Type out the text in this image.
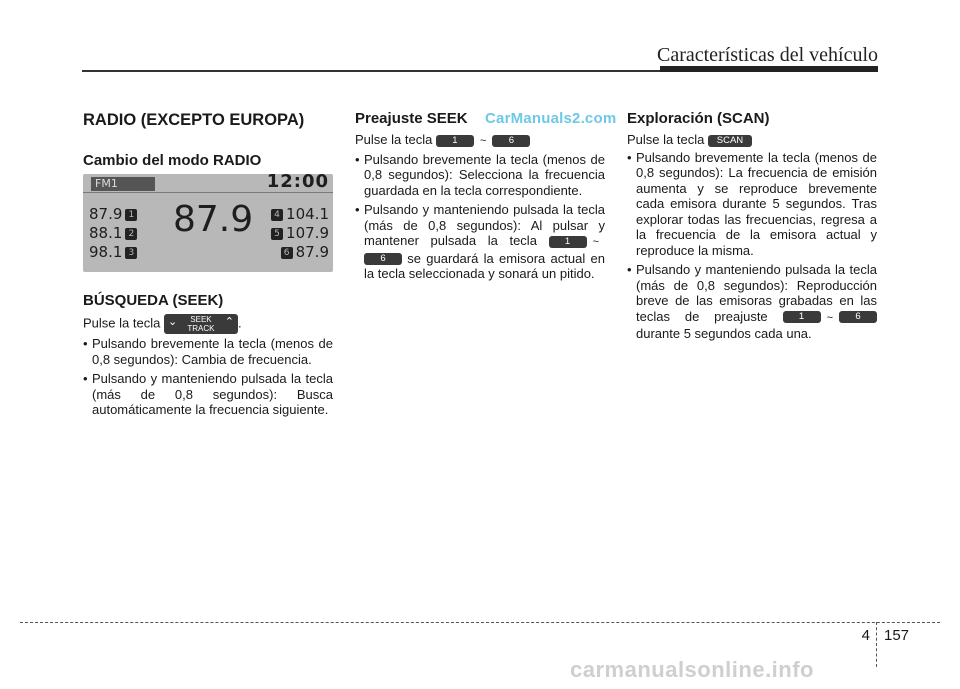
Características del vehículo
RADIO (EXCEPTO EUROPA)
Cambio del modo RADIO
FM1	12:00
87.9
87.9 1
88.1 2
98.1 3
4 104.1
5 107.9
6 87.9
BÚSQUEDA (SEEK)

Pulse la tecla ⌄ SEEK
TRACK ⌃ .

• Pulsando brevemente la tecla (menos de 0,8 segundos): Cambia de frecuencia.
• Pulsando y manteniendo pulsada la tecla (más de 0,8 segundos): Busca automáticamente la frecuencia siguiente.
Preajuste SEEK

Pulse la tecla 1 ~ 6

• Pulsando brevemente la tecla (menos de 0,8 segundos): Selecciona la frecuencia guardada en la tecla correspondiente.
• Pulsando y manteniendo pulsada la tecla (más de 0,8 segundos): Al pulsar y mantener pulsada la tecla	1 ~ 6 se guardará la emisora actual en la tecla seleccionada y sonará un pitido.
CarManuals2.com Exploración (SCAN)

Pulse la tecla SCAN

• Pulsando brevemente la tecla (menos de 0,8 segundos): La frecuencia de emisión aumenta y se reproduce brevemente cada emisora durante 5 segundos. Tras explorar todas las frecuencias, regresa a la frecuencia de la emisora actual y reproduce la misma.
• Pulsando y manteniendo pulsada la tecla (más de 0,8 segundos): Reproducción breve de las emisoras grabadas en las teclas de preajuste	1 ~ 6 durante 5 segundos cada una.
4 157
carmanualsonline.info
